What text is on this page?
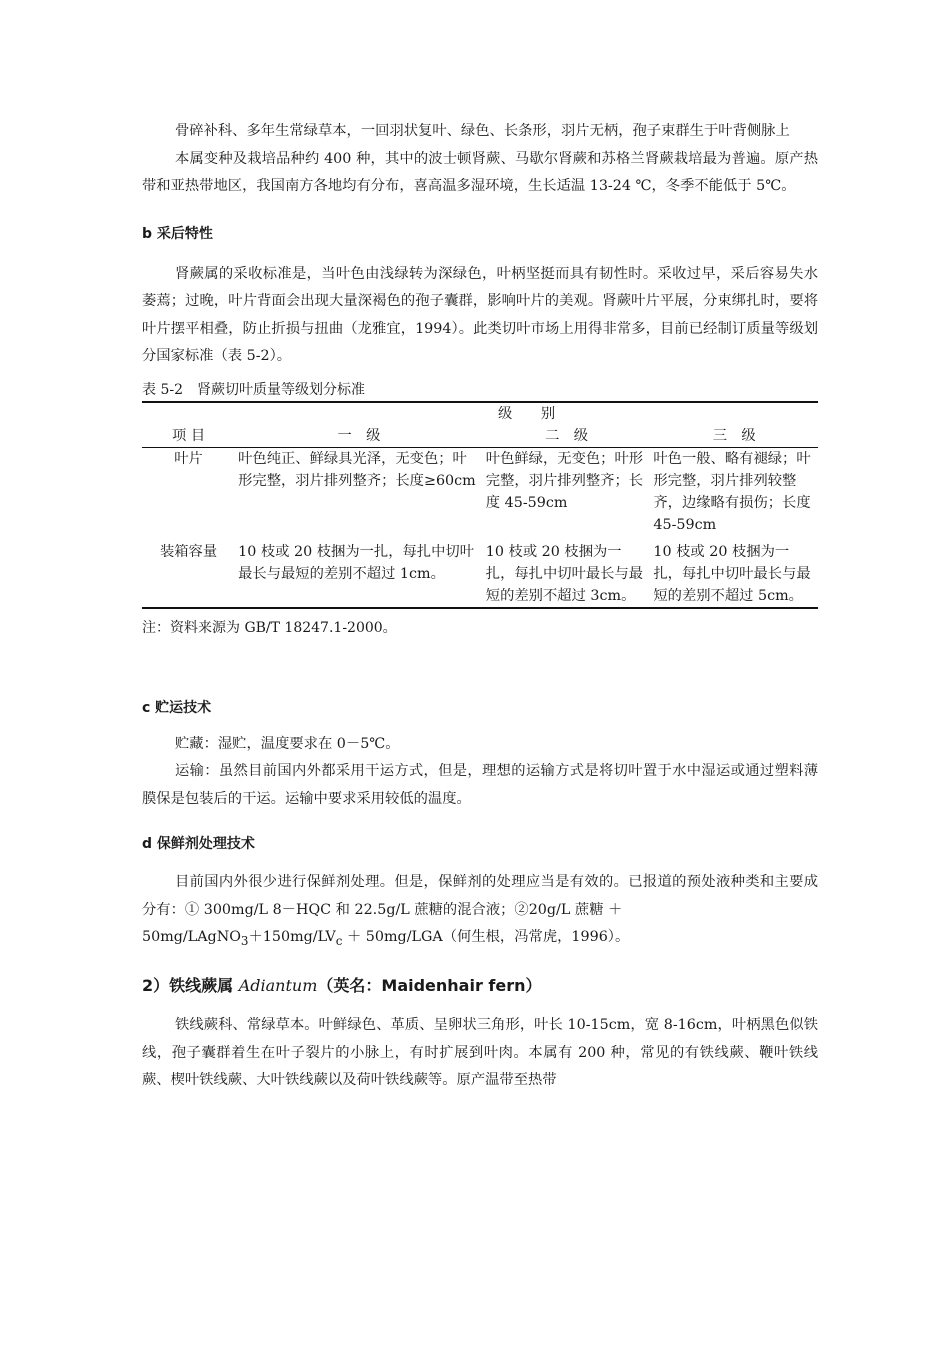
骨碎补科、多年生常绿草本，一回羽状复叶、绿色、长条形，羽片无柄，孢子束群生于叶背侧脉上

本属变种及栽培品种约 400 种，其中的波士顿肾蕨、马歇尔肾蕨和苏格兰肾蕨栽培最为普遍。原产热带和亚热带地区，我国南方各地均有分布，喜高温多湿环境，生长适温 13-24 ℃，冬季不能低于 5℃。

b 采后特性

肾蕨属的采收标准是，当叶色由浅绿转为深绿色，叶柄坚挺而具有韧性时。采收过早，采后容易失水萎蔫；过晚，叶片背面会出现大量深褐色的孢子囊群，影响叶片的美观。肾蕨叶片平展，分束绑扎时，要将叶片摆平相叠，防止折损与扭曲（龙雅宜，1994）。此类切叶市场上用得非常多，目前已经制订质量等级划分国家标准（表 5-2）。

表 5-2　肾蕨切叶质量等级划分标准

项 目	级　　别		
	一　级	二　级	三　级
叶片	叶色纯正、鲜绿具光泽，无变色；叶形完整，羽片排列整齐；长度≥60cm	叶色鲜绿，无变色；叶形完整，羽片排列整齐；长度 45-59cm	叶色一般、略有褪绿；叶形完整，羽片排列较整齐，边缘略有损伤；长度 45-59cm
装箱容量	10 枝或 20 枝捆为一扎，每扎中切叶最长与最短的差别不超过 1cm。	10 枝或 20 枝捆为一扎，每扎中切叶最长与最短的差别不超过 3cm。	10 枝或 20 枝捆为一扎，每扎中切叶最长与最短的差别不超过 5cm。

注：资料来源为 GB/T 18247.1-2000。

c 贮运技术

贮藏：湿贮，温度要求在 0－5℃。

运输：虽然目前国内外都采用干运方式，但是，理想的运输方式是将切叶置于水中湿运或通过塑料薄膜保是包装后的干运。运输中要求采用较低的温度。

d 保鲜剂处理技术

目前国内外很少进行保鲜剂处理。但是，保鲜剂的处理应当是有效的。已报道的预处液种类和主要成分有：① 300mg/L 8－HQC 和 22.5g/L 蔗糖的混合液；②20g/L 蔗糖 ＋

$50mg/LAgNO_3+150mg/LV_c + 50mg/LGA$（何生根，冯常虎，1996）。

2）铁线蕨属 Adiantum（英名：Maidenhair fern）

铁线蕨科、常绿草本。叶鲜绿色、革质、呈卵状三角形，叶长 10-15cm，宽 8-16cm，叶柄黑色似铁线，孢子囊群着生在叶子裂片的小脉上，有时扩展到叶肉。本属有 200 种，常见的有铁线蕨、鞭叶铁线蕨、楔叶铁线蕨、大叶铁线蕨以及荷叶铁线蕨等。原产温带至热带
